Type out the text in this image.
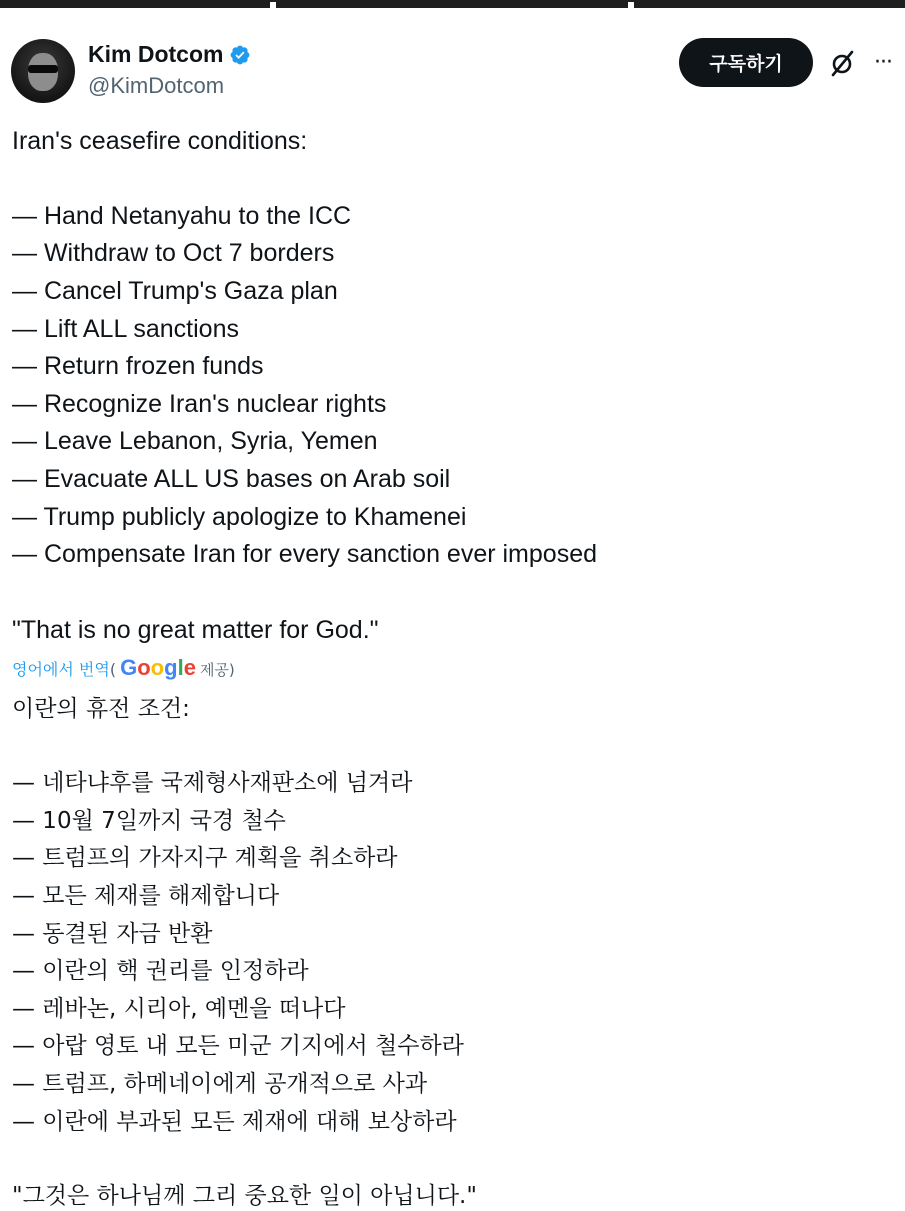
Kim Dotcom
@KimDotcom
구독하기	···
Iran's ceasefire conditions:
— Hand Netanyahu to the ICC
— Withdraw to Oct 7 borders
— Cancel Trump's Gaza plan
— Lift ALL sanctions
— Return frozen funds
— Recognize Iran's nuclear rights
— Leave Lebanon, Syria, Yemen
— Evacuate ALL US bases on Arab soil
— Trump publicly apologize to Khamenei
— Compensate Iran for every sanction ever imposed
"That is no great matter for God."
영어에서 번역 ( Google 제공)
이란의 휴전 조건:
— 네타냐후를 국제형사재판소에 넘겨라
— 10월 7일까지 국경 철수
— 트럼프의 가자지구 계획을 취소하라
— 모든 제재를 해제합니다
— 동결된 자금 반환
— 이란의 핵 권리를 인정하라
— 레바논, 시리아, 예멘을 떠나다
— 아랍 영토 내 모든 미군 기지에서 철수하라
— 트럼프, 하메네이에게 공개적으로 사과
— 이란에 부과된 모든 제재에 대해 보상하라
"그것은 하나님께 그리 중요한 일이 아닙니다."
